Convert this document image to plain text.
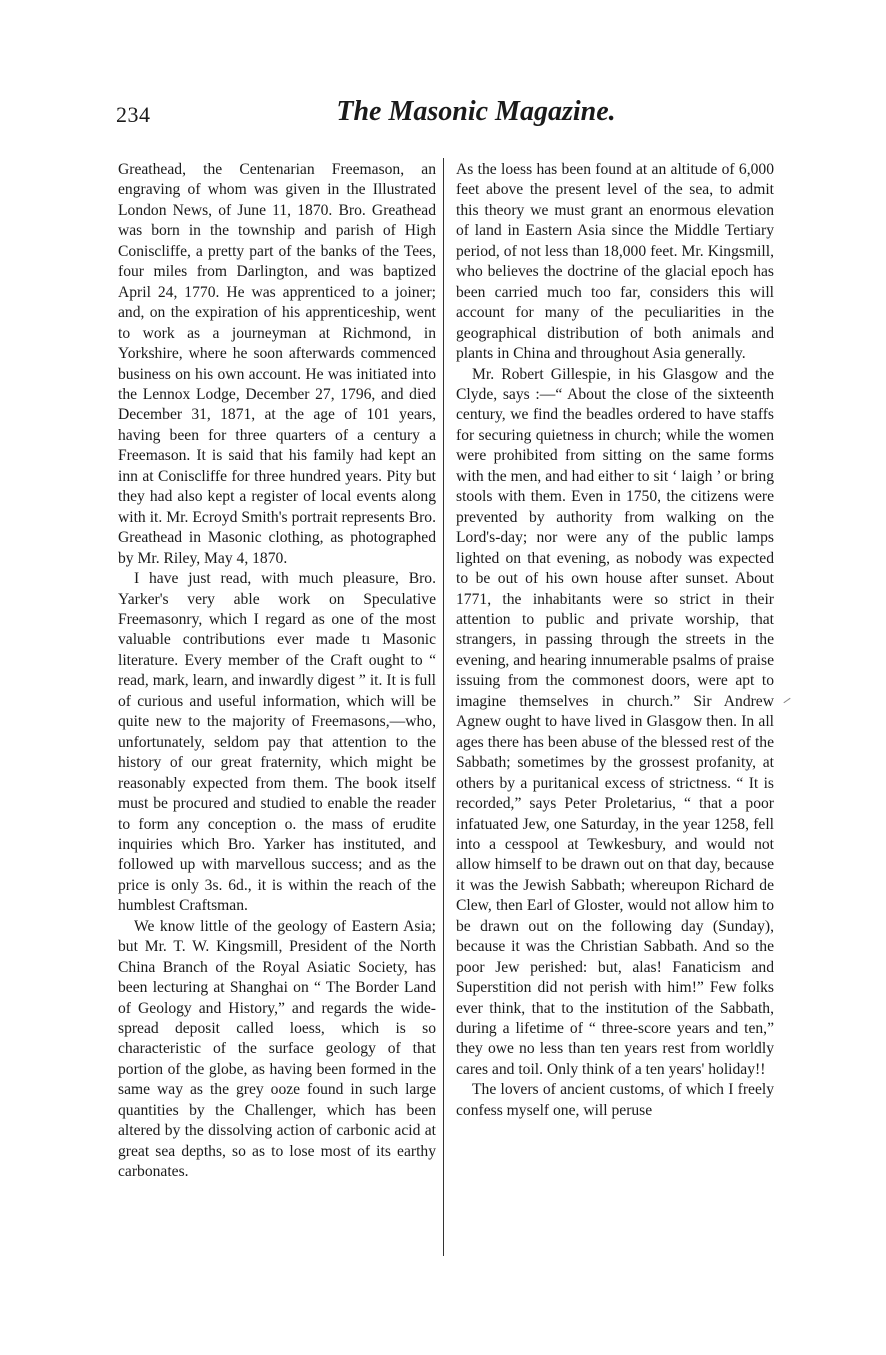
234	The Masonic Magazine.

Greathead, the Centenarian Freemason, an engraving of whom was given in the Illustrated London News, of June 11, 1870. Bro. Greathead was born in the township and parish of High Coniscliffe, a pretty part of the banks of the Tees, four miles from Darlington, and was baptized April 24, 1770. He was apprenticed to a joiner; and, on the expiration of his apprenticeship, went to work as a journeyman at Richmond, in Yorkshire, where he soon afterwards commenced business on his own account. He was initiated into the Lennox Lodge, December 27, 1796, and died December 31, 1871, at the age of 101 years, having been for three quarters of a century a Freemason. It is said that his family had kept an inn at Coniscliffe for three hundred years. Pity but they had also kept a register of local events along with it. Mr. Ecroyd Smith's portrait represents Bro. Greathead in Masonic clothing, as photographed by Mr. Riley, May 4, 1870.

I have just read, with much pleasure, Bro. Yarker's very able work on Speculative Freemasonry, which I regard as one of the most valuable contributions ever made tı Masonic literature. Every member of the Craft ought to “ read, mark, learn, and inwardly digest ” it. It is full of curious and useful information, which will be quite new to the majority of Freemasons,—who, unfortunately, seldom pay that attention to the history of our great fraternity, which might be reasonably expected from them. The book itself must be procured and studied to enable the reader to form any conception o. the mass of erudite inquiries which Bro. Yarker has instituted, and followed up with marvellous success; and as the price is only 3s. 6d., it is within the reach of the humblest Craftsman.

We know little of the geology of Eastern Asia; but Mr. T. W. Kingsmill, President of the North China Branch of the Royal Asiatic Society, has been lecturing at Shanghai on “ The Border Land of Geology and History,” and regards the wide-spread deposit called loess, which is so characteristic of the surface geology of that portion of the globe, as having been formed in the same way as the grey ooze found in such large quantities by the Challenger, which has been altered by the dissolving action of carbonic acid at great sea depths, so as to lose most of its earthy carbonates.

As the loess has been found at an altitude of 6,000 feet above the present level of the sea, to admit this theory we must grant an enormous elevation of land in Eastern Asia since the Middle Tertiary period, of not less than 18,000 feet. Mr. Kingsmill, who believes the doctrine of the glacial epoch has been carried much too far, considers this will account for many of the peculiarities in the geographical distribution of both animals and plants in China and throughout Asia generally.

Mr. Robert Gillespie, in his Glasgow and the Clyde, says :—“ About the close of the sixteenth century, we find the beadles ordered to have staffs for securing quietness in church; while the women were prohibited from sitting on the same forms with the men, and had either to sit ‘ laigh ’ or bring stools with them. Even in 1750, the citizens were prevented by authority from walking on the Lord's-day; nor were any of the public lamps lighted on that evening, as nobody was expected to be out of his own house after sunset. About 1771, the inhabitants were so strict in their attention to public and private worship, that strangers, in passing through the streets in the evening, and hearing innumerable psalms of praise issuing from the commonest doors, were apt to imagine themselves in church.” Sir Andrew Agnew ought to have lived in Glasgow then. In all ages there has been abuse of the blessed rest of the Sabbath; sometimes by the grossest profanity, at others by a puritanical excess of strictness. “ It is recorded,” says Peter Proletarius, “ that a poor infatuated Jew, one Saturday, in the year 1258, fell into a cesspool at Tewkesbury, and would not allow himself to be drawn out on that day, because it was the Jewish Sabbath; whereupon Richard de Clew, then Earl of Gloster, would not allow him to be drawn out on the following day (Sunday), because it was the Christian Sabbath. And so the poor Jew perished: but, alas! Fanaticism and Superstition did not perish with him!” Few folks ever think, that to the institution of the Sabbath, during a lifetime of “ three-score years and ten,” they owe no less than ten years rest from worldly cares and toil. Only think of a ten years' holiday!!

The lovers of ancient customs, of which I freely confess myself one, will peruse
